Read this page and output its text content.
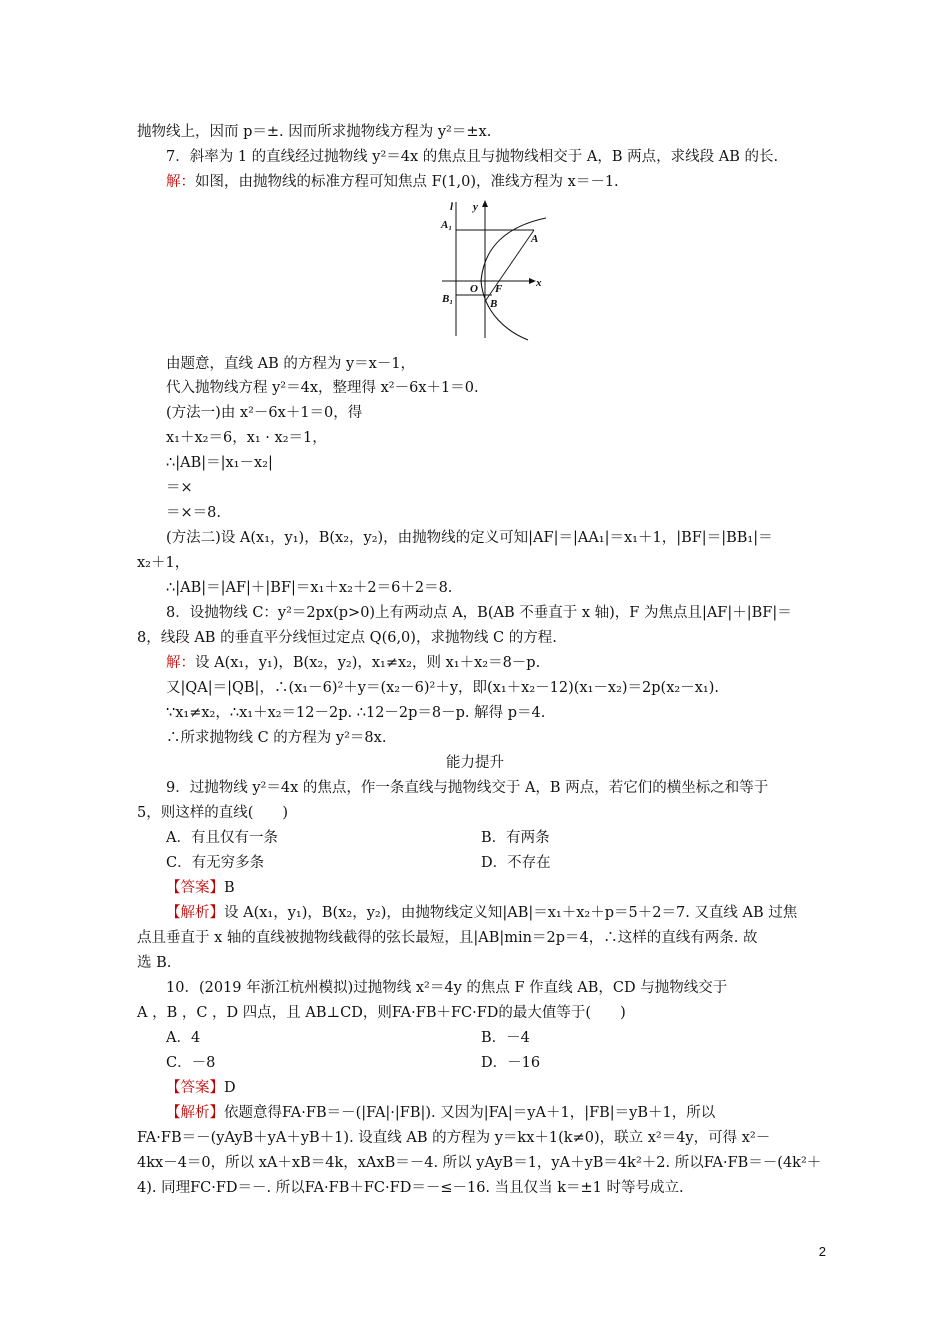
抛物线上，因而 p＝±. 因而所求抛物线方程为 y²＝±x.
7．斜率为 1 的直线经过抛物线 y²＝4x 的焦点且与抛物线相交于 A，B 两点，求线段 AB 的长.
解：如图，由抛物线的标准方程可知焦点 F(1,0)，准线方程为 x＝－1.
l y
x
A₁
A
O F
B₁	B
由题意，直线 AB 的方程为 y＝x－1，
代入抛物线方程 y²＝4x，整理得 x²－6x＋1＝0.
(方法一)由 x²－6x＋1＝0，得
x₁＋x₂＝6，x₁ · x₂＝1，
∴|AB|＝|x₁－x₂|
＝×
＝×＝8.
(方法二)设 A(x₁，y₁)，B(x₂，y₂)，由抛物线的定义可知|AF|＝|AA₁|＝x₁＋1，|BF|＝|BB₁|＝
x₂＋1，
∴|AB|＝|AF|＋|BF|＝x₁＋x₂＋2＝6＋2＝8.
8．设抛物线 C：y²＝2px(p>0)上有两动点 A，B(AB 不垂直于 x 轴)，F 为焦点且|AF|＋|BF|＝
8，线段 AB 的垂直平分线恒过定点 Q(6,0)，求抛物线 C 的方程.
解：设 A(x₁，y₁)，B(x₂，y₂)，x₁≠x₂，则 x₁＋x₂＝8－p.
又|QA|＝|QB|，∴(x₁－6)²＋y＝(x₂－6)²＋y，即(x₁＋x₂－12)(x₁－x₂)＝2p(x₂－x₁).
∵x₁≠x₂，∴x₁＋x₂＝12－2p. ∴12－2p＝8－p. 解得 p＝4.
∴所求抛物线 C 的方程为 y²＝8x.
能力提升
9．过抛物线 y²＝4x 的焦点，作一条直线与抛物线交于 A，B 两点，若它们的横坐标之和等于
5，则这样的直线(　　)
A．有且仅有一条	B．有两条
C．有无穷多条	D．不存在
【答案】B
【解析】设 A(x₁，y₁)，B(x₂，y₂)，由抛物线定义知|AB|＝x₁＋x₂＋p＝5＋2＝7. 又直线 AB 过焦
点且垂直于 x 轴的直线被抛物线截得的弦长最短，且|AB|min＝2p＝4，∴这样的直线有两条. 故
选 B.
10．(2019 年浙江杭州模拟)过抛物线 x²＝4y 的焦点 F 作直线 AB，CD 与抛物线交于
A ，B ，C ，D 四点，且 AB⊥CD，则FA·FB＋FC·FD的最大值等于(　　)
A．4	B．－4
C．－8	D．－16
【答案】D
【解析】依题意得FA·FB＝－(|FA|·|FB|). 又因为|FA|＝yA＋1，|FB|＝yB＋1，所以
FA·FB＝－(yAyB＋yA＋yB＋1). 设直线 AB 的方程为 y＝kx＋1(k≠0)，联立 x²＝4y，可得 x²－
4kx－4＝0，所以 xA＋xB＝4k，xAxB＝－4. 所以 yAyB＝1，yA＋yB＝4k²＋2. 所以FA·FB＝－(4k²＋
4). 同理FC·FD＝－. 所以FA·FB＋FC·FD＝－≤－16. 当且仅当 k＝±1 时等号成立.
2
